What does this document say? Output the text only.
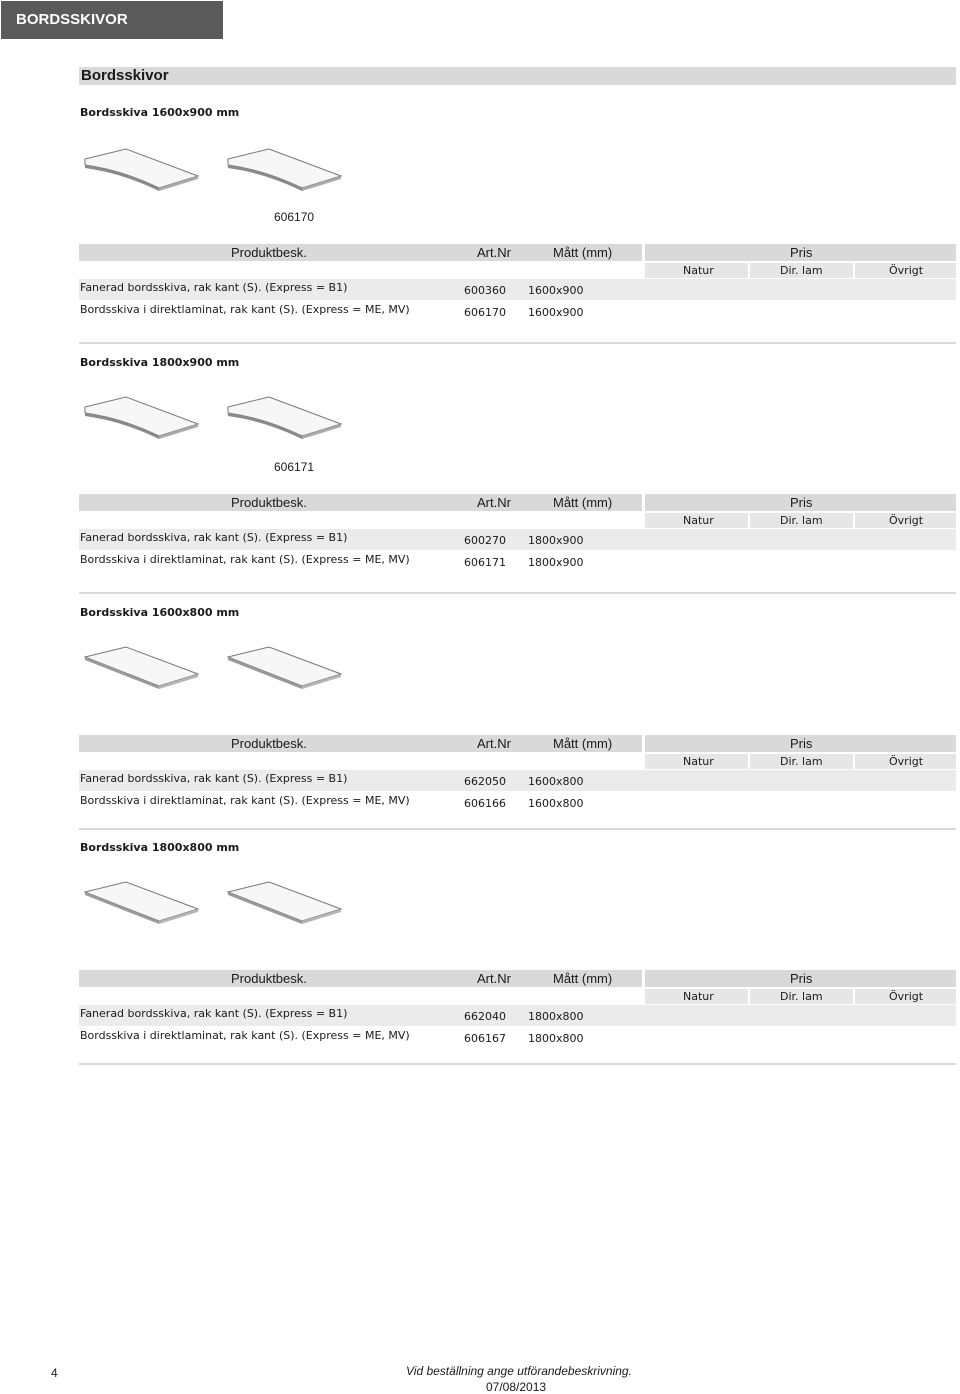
BORDSSKIVOR
Bordsskivor
Bordsskiva 1600x900 mm
606170
Produktbesk.	Art.Nr	Mått (mm)	Pris
Natur	Dir. lam	Övrigt
Fanerad bordsskiva, rak kant (S). (Express = B1)	600360 1600x900
Bordsskiva i direktlaminat, rak kant (S). (Express = ME, MV)	606170 1600x900
Bordsskiva 1800x900 mm
606171
Produktbesk.	Art.Nr	Mått (mm)	Pris
Natur	Dir. lam	Övrigt
Fanerad bordsskiva, rak kant (S). (Express = B1)	600270 1800x900
Bordsskiva i direktlaminat, rak kant (S). (Express = ME, MV)	606171 1800x900
Bordsskiva 1600x800 mm
Produktbesk.	Art.Nr	Mått (mm)	Pris
Natur	Dir. lam	Övrigt
Fanerad bordsskiva, rak kant (S). (Express = B1)	662050 1600x800
Bordsskiva i direktlaminat, rak kant (S). (Express = ME, MV)	606166 1600x800
Bordsskiva 1800x800 mm
Produktbesk.	Art.Nr	Mått (mm)	Pris
Natur	Dir. lam	Övrigt
Fanerad bordsskiva, rak kant (S). (Express = B1)	662040 1800x800
Bordsskiva i direktlaminat, rak kant (S). (Express = ME, MV)	606167 1800x800
4	Vid beställning ange utförandebeskrivning.
07/08/2013
